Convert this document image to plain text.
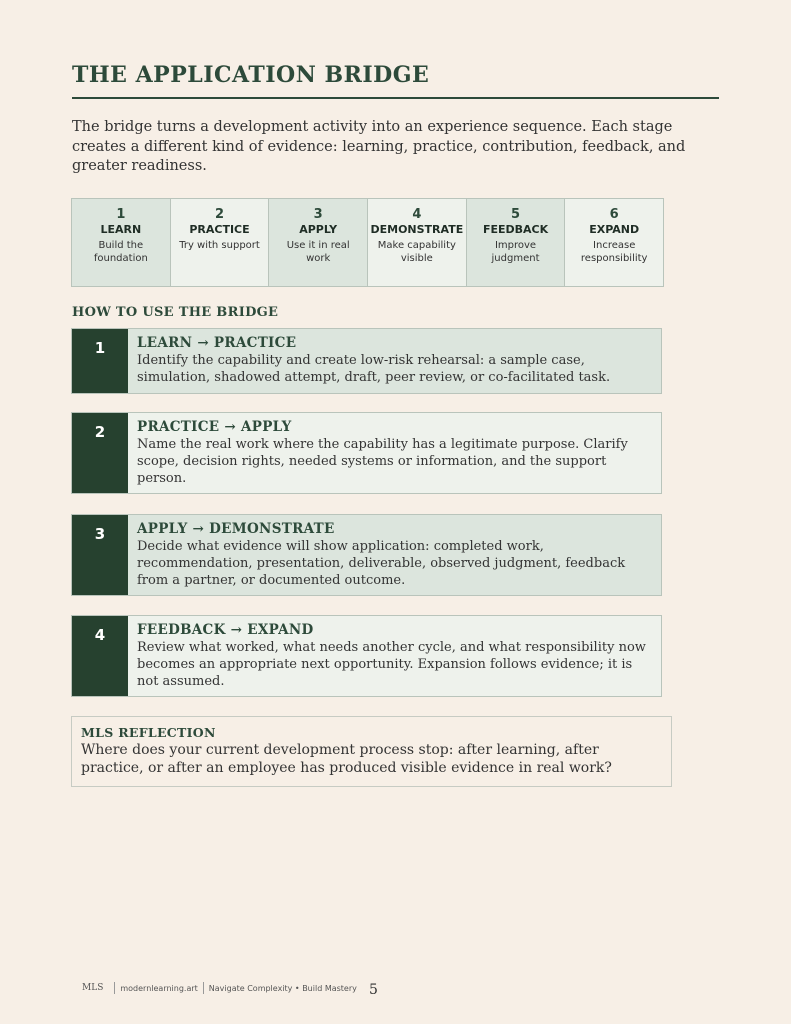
THE APPLICATION BRIDGE

The bridge turns a development activity into an experience sequence. Each stage creates a different kind of evidence: learning, practice, contribution, feedback, and greater readiness.

1
LEARN
Build the foundation
2
PRACTICE
Try with support
3
APPLY
Use it in real work
4
DEMONSTRATE
Make capability visible
5
FEEDBACK
Improve judgment
6
EXPAND
Increase responsibility
HOW TO USE THE BRIDGE
1	LEARN → PRACTICE
Identify the capability and create low-risk rehearsal: a sample case, simulation, shadowed attempt, draft, peer review, or co-facilitated task.
2	PRACTICE → APPLY
Name the real work where the capability has a legitimate purpose. Clarify scope, decision rights, needed systems or information, and the support person.
3	APPLY → DEMONSTRATE
Decide what evidence will show application: completed work, recommendation, presentation, deliverable, observed judgment, feedback from a partner, or documented outcome.
4	FEEDBACK → EXPAND
Review what worked, what needs another cycle, and what responsibility now becomes an appropriate next opportunity. Expansion follows evidence; it is not assumed.
MLS REFLECTION
Where does your current development process stop: after learning, after practice, or after an employee has produced visible evidence in real work?
MLS modernlearning.art Navigate Complexity • Build Mastery 5
